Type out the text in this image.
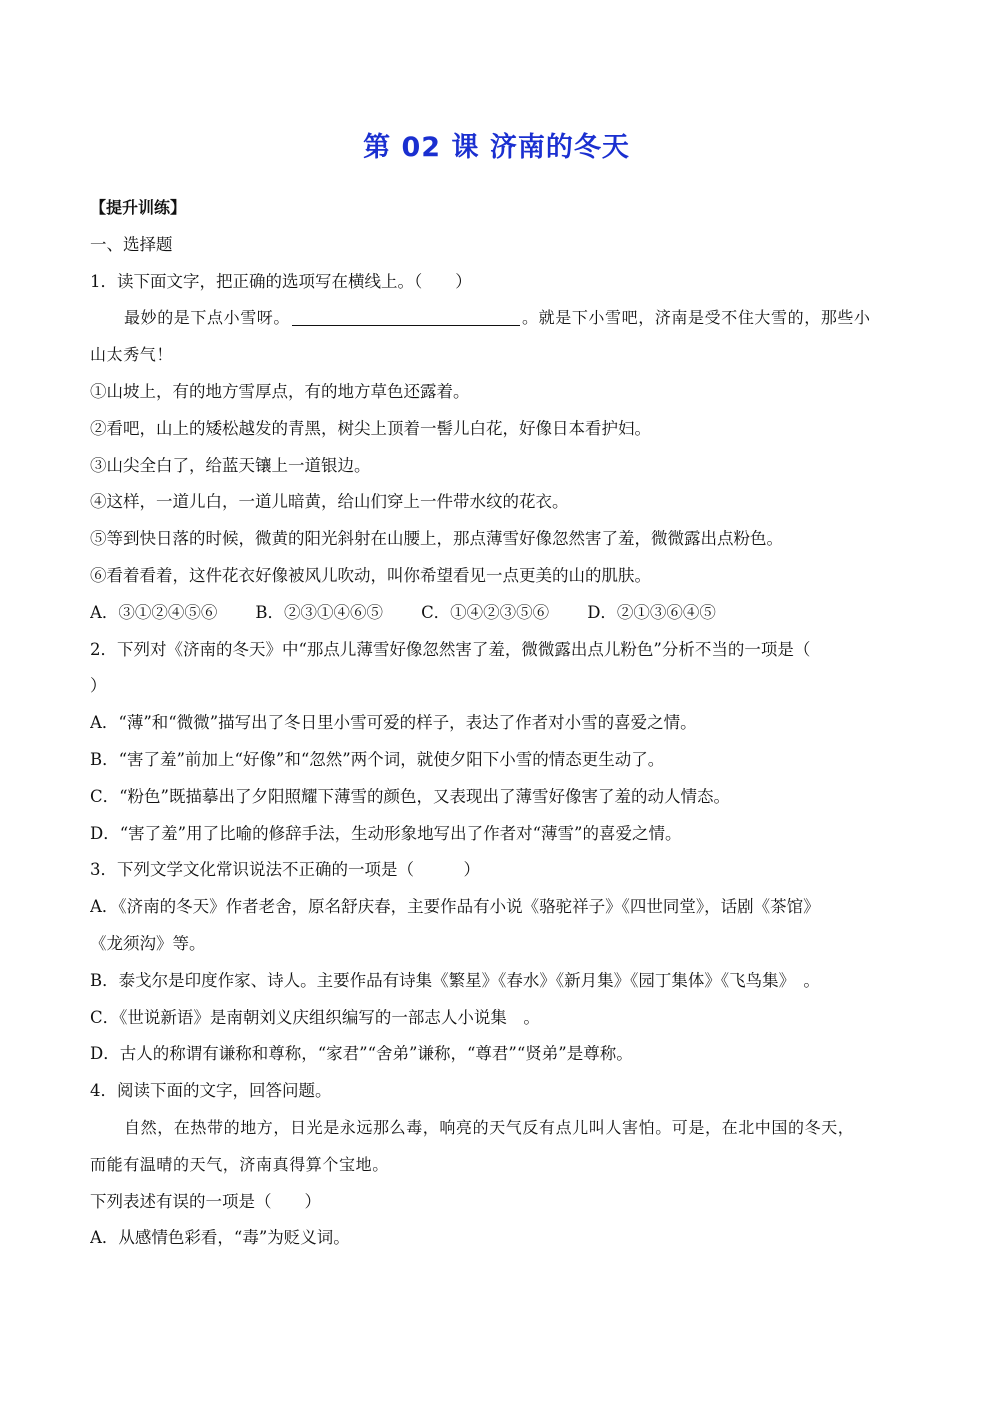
第 02 课 济南的冬天
【提升训练】
一、选择题
1．读下面文字，把正确的选项写在横线上。（　　）
最妙的是下点小雪呀。	。就是下小雪吧，济南是受不住大雪的，那些小
山太秀气！
①山坡上，有的地方雪厚点，有的地方草色还露着。
②看吧，山上的矮松越发的青黑，树尖上顶着一髻儿白花，好像日本看护妇。
③山尖全白了，给蓝天镶上一道银边。
④这样，一道儿白，一道儿暗黄，给山们穿上一件带水纹的花衣。
⑤等到快日落的时候，微黄的阳光斜射在山腰上，那点薄雪好像忽然害了羞，微微露出点粉色。
⑥看着看着，这件花衣好像被风儿吹动，叫你希望看见一点更美的山的肌肤。
A．③①②④⑤⑥ B．②③①④⑥⑤ C．①④②③⑤⑥ D．②①③⑥④⑤
2．下列对《济南的冬天》中“那点儿薄雪好像忽然害了羞，微微露出点儿粉色”分析不当的一项是（
）
A．“薄”和“微微”描写出了冬日里小雪可爱的样子，表达了作者对小雪的喜爱之情。
B．“害了羞”前加上“好像”和“忽然”两个词，就使夕阳下小雪的情态更生动了。
C．“粉色”既描摹出了夕阳照耀下薄雪的颜色，又表现出了薄雪好像害了羞的动人情态。
D．“害了羞”用了比喻的修辞手法，生动形象地写出了作者对“薄雪”的喜爱之情。
3．下列文学文化常识说法不正确的一项是（　　　）
A．《济南的冬天》作者老舍，原名舒庆春，主要作品有小说《骆驼祥子》《四世同堂》，话剧《茶馆》
《龙须沟》等。
B．泰戈尔是印度作家、诗人。主要作品有诗集《繁星》《春水》《新月集》《园丁集体》《飞鸟集》　。
C．《世说新语》是南朝刘义庆组织编写的一部志人小说集　。
D．古人的称谓有谦称和尊称，“家君”“舍弟”谦称，“尊君”“贤弟”是尊称。
4．阅读下面的文字，回答问题。
自然，在热带的地方，日光是永远那么毒，响亮的天气反有点儿叫人害怕。可是，在北中国的冬天，
而能有温晴的天气，济南真得算个宝地。
下列表述有误的一项是（　　）
A．从感情色彩看，“毒”为贬义词。
